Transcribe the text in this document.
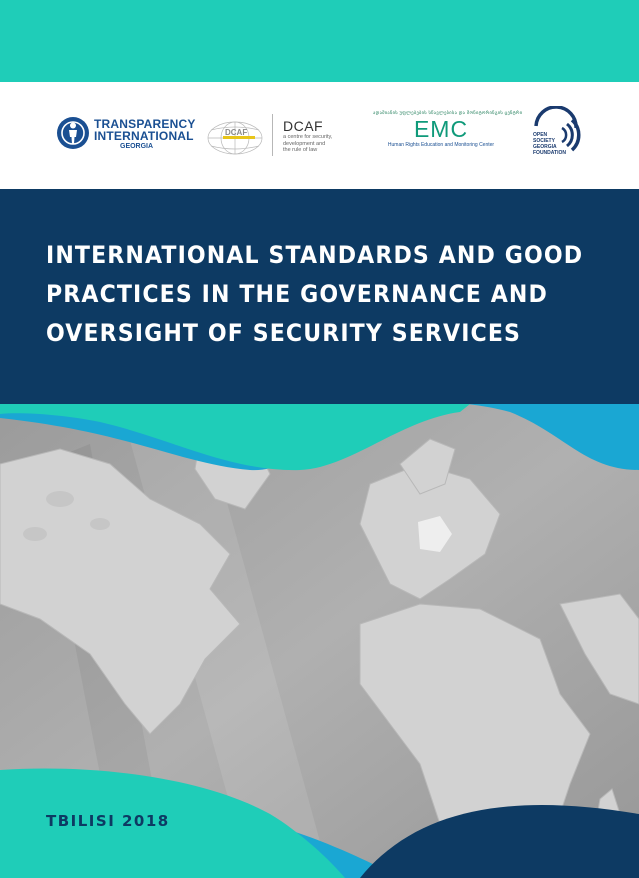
TRANSPARENCY
INTERNATIONAL
GEORGIA
DCAF	DCAF
a centre for security,
development and
the rule of law
ადამიანის უფლებების სწავლებისა და მონიტორინგის ცენტრი
EMC
Human Rights Education and Monitoring Center
OPEN
SOCIETY
GEORGIA
FOUNDATION
INTERNATIONAL STANDARDS AND GOOD
PRACTICES IN THE GOVERNANCE AND
OVERSIGHT OF SECURITY SERVICES

TBILISI 2018
